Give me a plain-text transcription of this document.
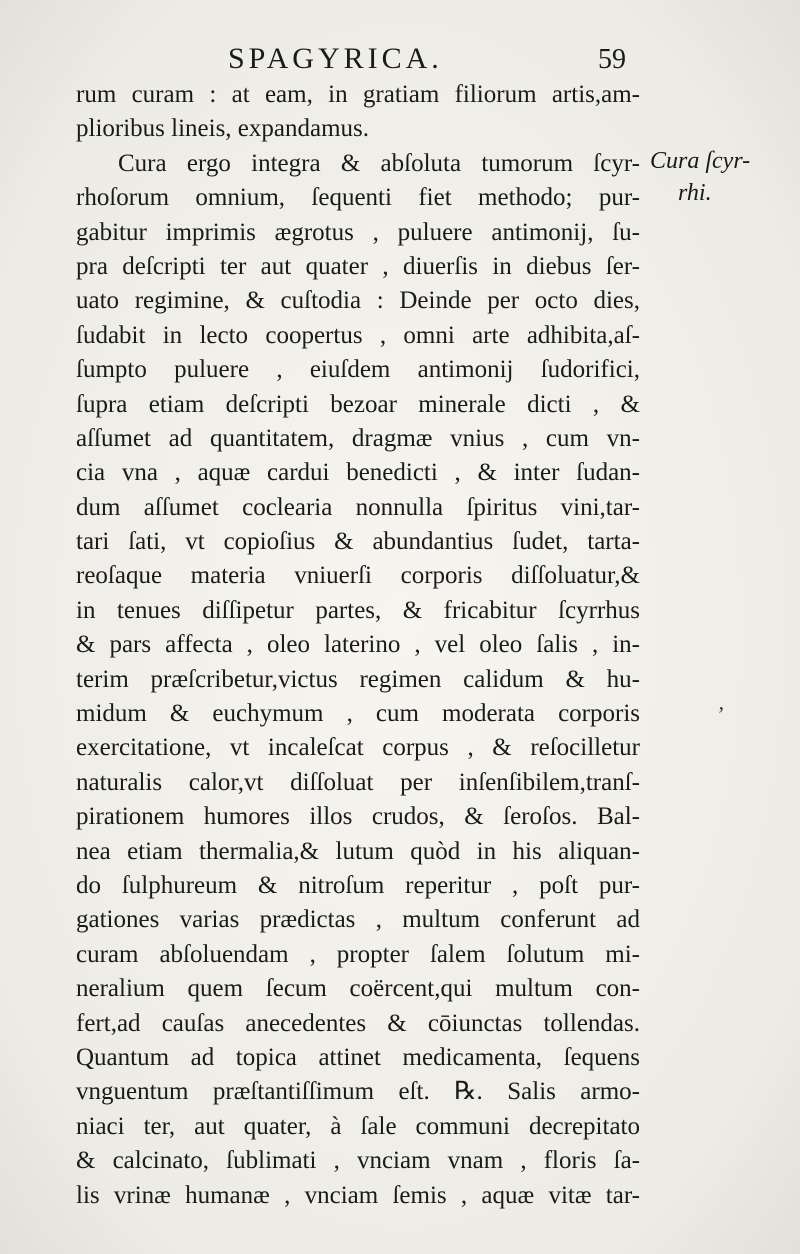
SPAGYRICA.	59
rum curam : at eam, in gratiam filiorum artis,am-
plioribus lineis, expandamus.
Cura ergo integra & abſoluta tumorum ſcyr-
rhoſorum omnium, ſequenti fiet methodo; pur-
gabitur imprimis ægrotus , puluere antimonij, ſu-
pra deſcripti ter aut quater , diuerſis in diebus ſer-
uato regimine, & cuſtodia : Deinde per octo dies,
ſudabit in lecto coopertus , omni arte adhibita,aſ-
ſumpto puluere , eiuſdem antimonij ſudorifici,
ſupra etiam deſcripti bezoar minerale dicti , &
aſſumet ad quantitatem, dragmæ vnius , cum vn-
cia vna , aquæ cardui benedicti , & inter ſudan-
dum aſſumet coclearia nonnulla ſpiritus vini,tar-
tari ſati, vt copioſius & abundantius ſudet, tarta-
reoſaque materia vniuerſi corporis diſſoluatur,&
in tenues diſſipetur partes, & fricabitur ſcyrrhus
& pars affecta , oleo laterino , vel oleo ſalis , in-
terim præſcribetur,victus regimen calidum & hu-
midum & euchymum , cum moderata corporis
exercitatione, vt incaleſcat corpus , & reſocilletur
naturalis calor,vt diſſoluat per inſenſibilem,tranſ-
pirationem humores illos crudos, & ſeroſos. Bal-
nea etiam thermalia,& lutum quòd in his aliquan-
do ſulphureum & nitroſum reperitur , poſt pur-
gationes varias prædictas , multum conferunt ad
curam abſoluendam , propter ſalem ſolutum mi-
neralium quem ſecum coërcent,qui multum con-
fert,ad cauſas anecedentes & cōiunctas tollendas.
Quantum ad topica attinet medicamenta, ſequens
vnguentum præſtantiſſimum eſt. ℞. Salis armo-
niaci ter, aut quater, à ſale communi decrepitato
& calcinato, ſublimati , vnciam vnam , floris ſa-
lis vrinæ humanæ , vnciam ſemis , aquæ vitæ tar-
Cura ſcyr-
rhi.
ʼ
